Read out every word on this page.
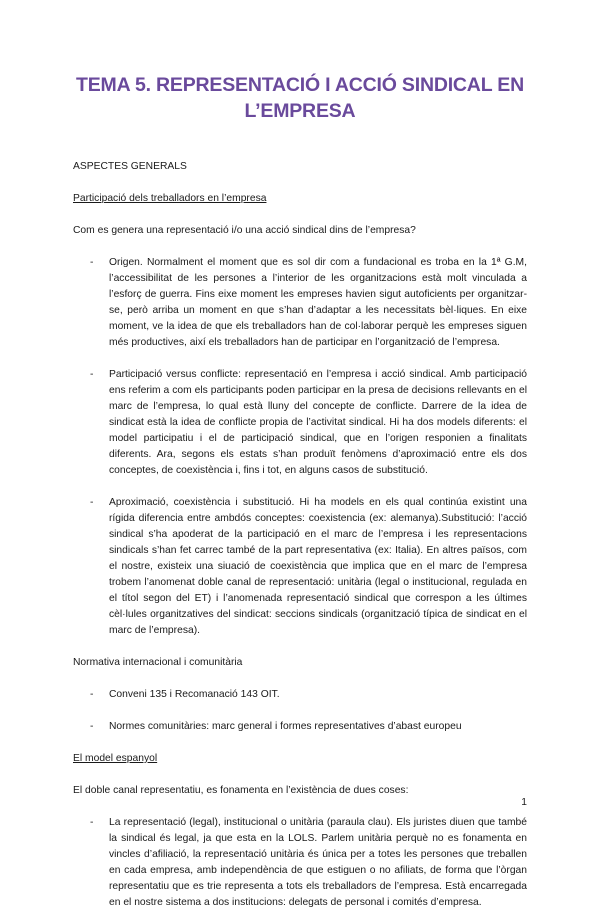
TEMA 5. REPRESENTACIÓ I ACCIÓ SINDICAL EN L’EMPRESA

ASPECTES GENERALS

Participació dels treballadors en l’empresa

Com es genera una representació i/o una acció sindical dins de l’empresa?

- Origen. Normalment el moment que es sol dir com a fundacional es troba en la 1ª G.M, l’accessibilitat de les persones a l’interior de les organitzacions està molt vinculada a l’esforç de guerra. Fins eixe moment les empreses havien sigut autoficients per organitzar-se, però arriba un moment en que s’han d’adaptar a les necessitats bèl·liques. En eixe moment, ve la idea de que els treballadors han de col·laborar perquè les empreses siguen més productives, així els treballadors han de participar en l’organització de l’empresa.
- Participació versus conflicte: representació en l’empresa i acció sindical. Amb participació ens referim a com els participants poden participar en la presa de decisions rellevants en el marc de l’empresa, lo qual està lluny del concepte de conflicte. Darrere de la idea de sindicat està la idea de conflicte propia de l’activitat sindical. Hi ha dos models diferents: el model participatiu i el de participació sindical, que en l’origen responien a finalitats diferents. Ara, segons els estats s’han produït fenòmens d’aproximació entre els dos conceptes, de coexistència i, fins i tot, en alguns casos de substitució.
- Aproximació, coexistència i substitució. Hi ha models en els qual continúa existint una rígida diferencia entre ambdós conceptes: coexistencia (ex: alemanya).Substitució: l’acció sindical s’ha apoderat de la participació en el marc de l’empresa i les representacions sindicals s’han fet carrec també de la part representativa (ex: Italia). En altres països, com el nostre, existeix una siuació de coexistència que implica que en el marc de l’empresa trobem l’anomenat doble canal de representació: unitària (legal o institucional, regulada en el títol segon del ET) i l’anomenada representació sindical que correspon a les últimes cèl·lules organitzatives del sindicat: seccions sindicals (organització típica de sindicat en el marc de l’empresa).

Normativa internacional i comunitària

- Conveni 135 i Recomanació 143 OIT.
- Normes comunitàries: marc general i formes representatives d’abast europeu

El model espanyol

El doble canal representatiu, es fonamenta en l’existència de dues coses:

- La representació (legal), institucional o unitària (paraula clau). Els juristes diuen que també la sindical és legal, ja que esta en la LOLS. Parlem unitària perquè no es fonamenta en vincles d’afiliació, la representació unitària és única per a totes les persones que treballen en cada empresa, amb independència de que estiguen o no afiliats, de forma que l’òrgan representatiu que es trie representa a tots els treballadors de l’empresa. Està encarregada en el nostre sistema a dos institucions: delegats de personal i comités d’empresa.
1
